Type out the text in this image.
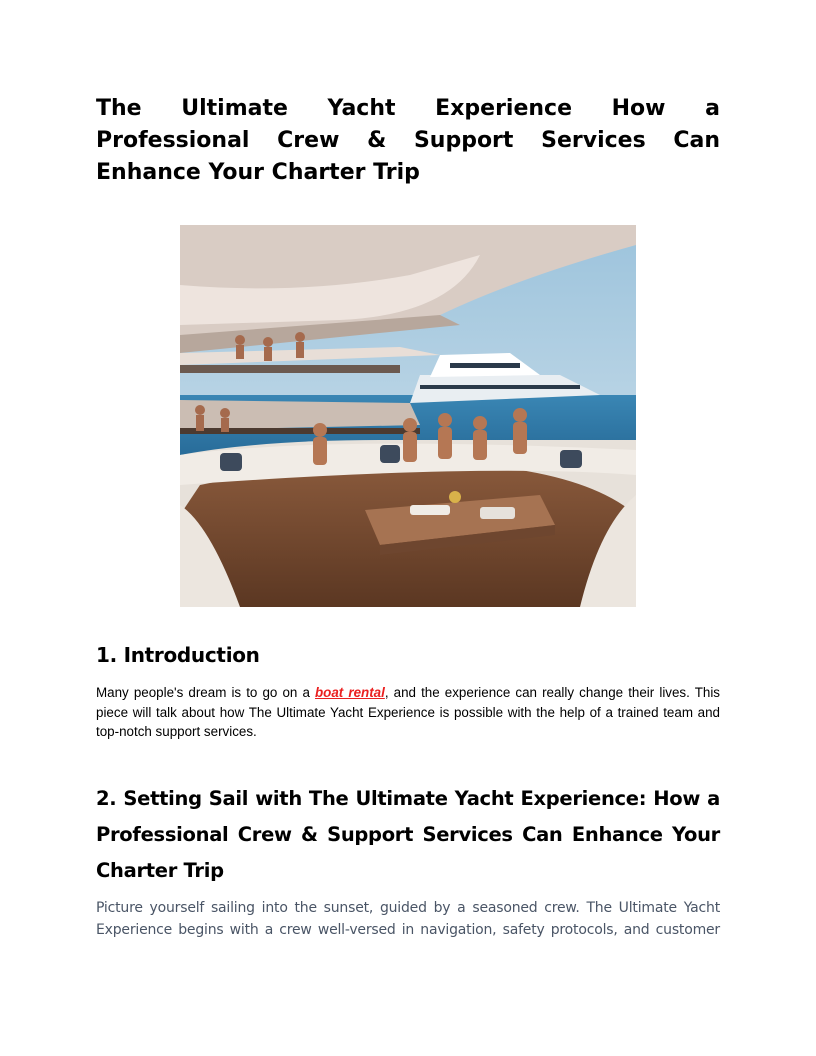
The Ultimate Yacht Experience How a Professional Crew & Support Services Can Enhance Your Charter Trip
1. Introduction

Many people's dream is to go on a boat rental, and the experience can really change their lives. This piece will talk about how The Ultimate Yacht Experience is possible with the help of a trained team and top-notch support services.

2. Setting Sail with The Ultimate Yacht Experience: How a Professional Crew & Support Services Can Enhance Your Charter Trip

Picture yourself sailing into the sunset, guided by a seasoned crew. The Ultimate Yacht Experience begins with a crew well-versed in navigation, safety protocols, and customer
